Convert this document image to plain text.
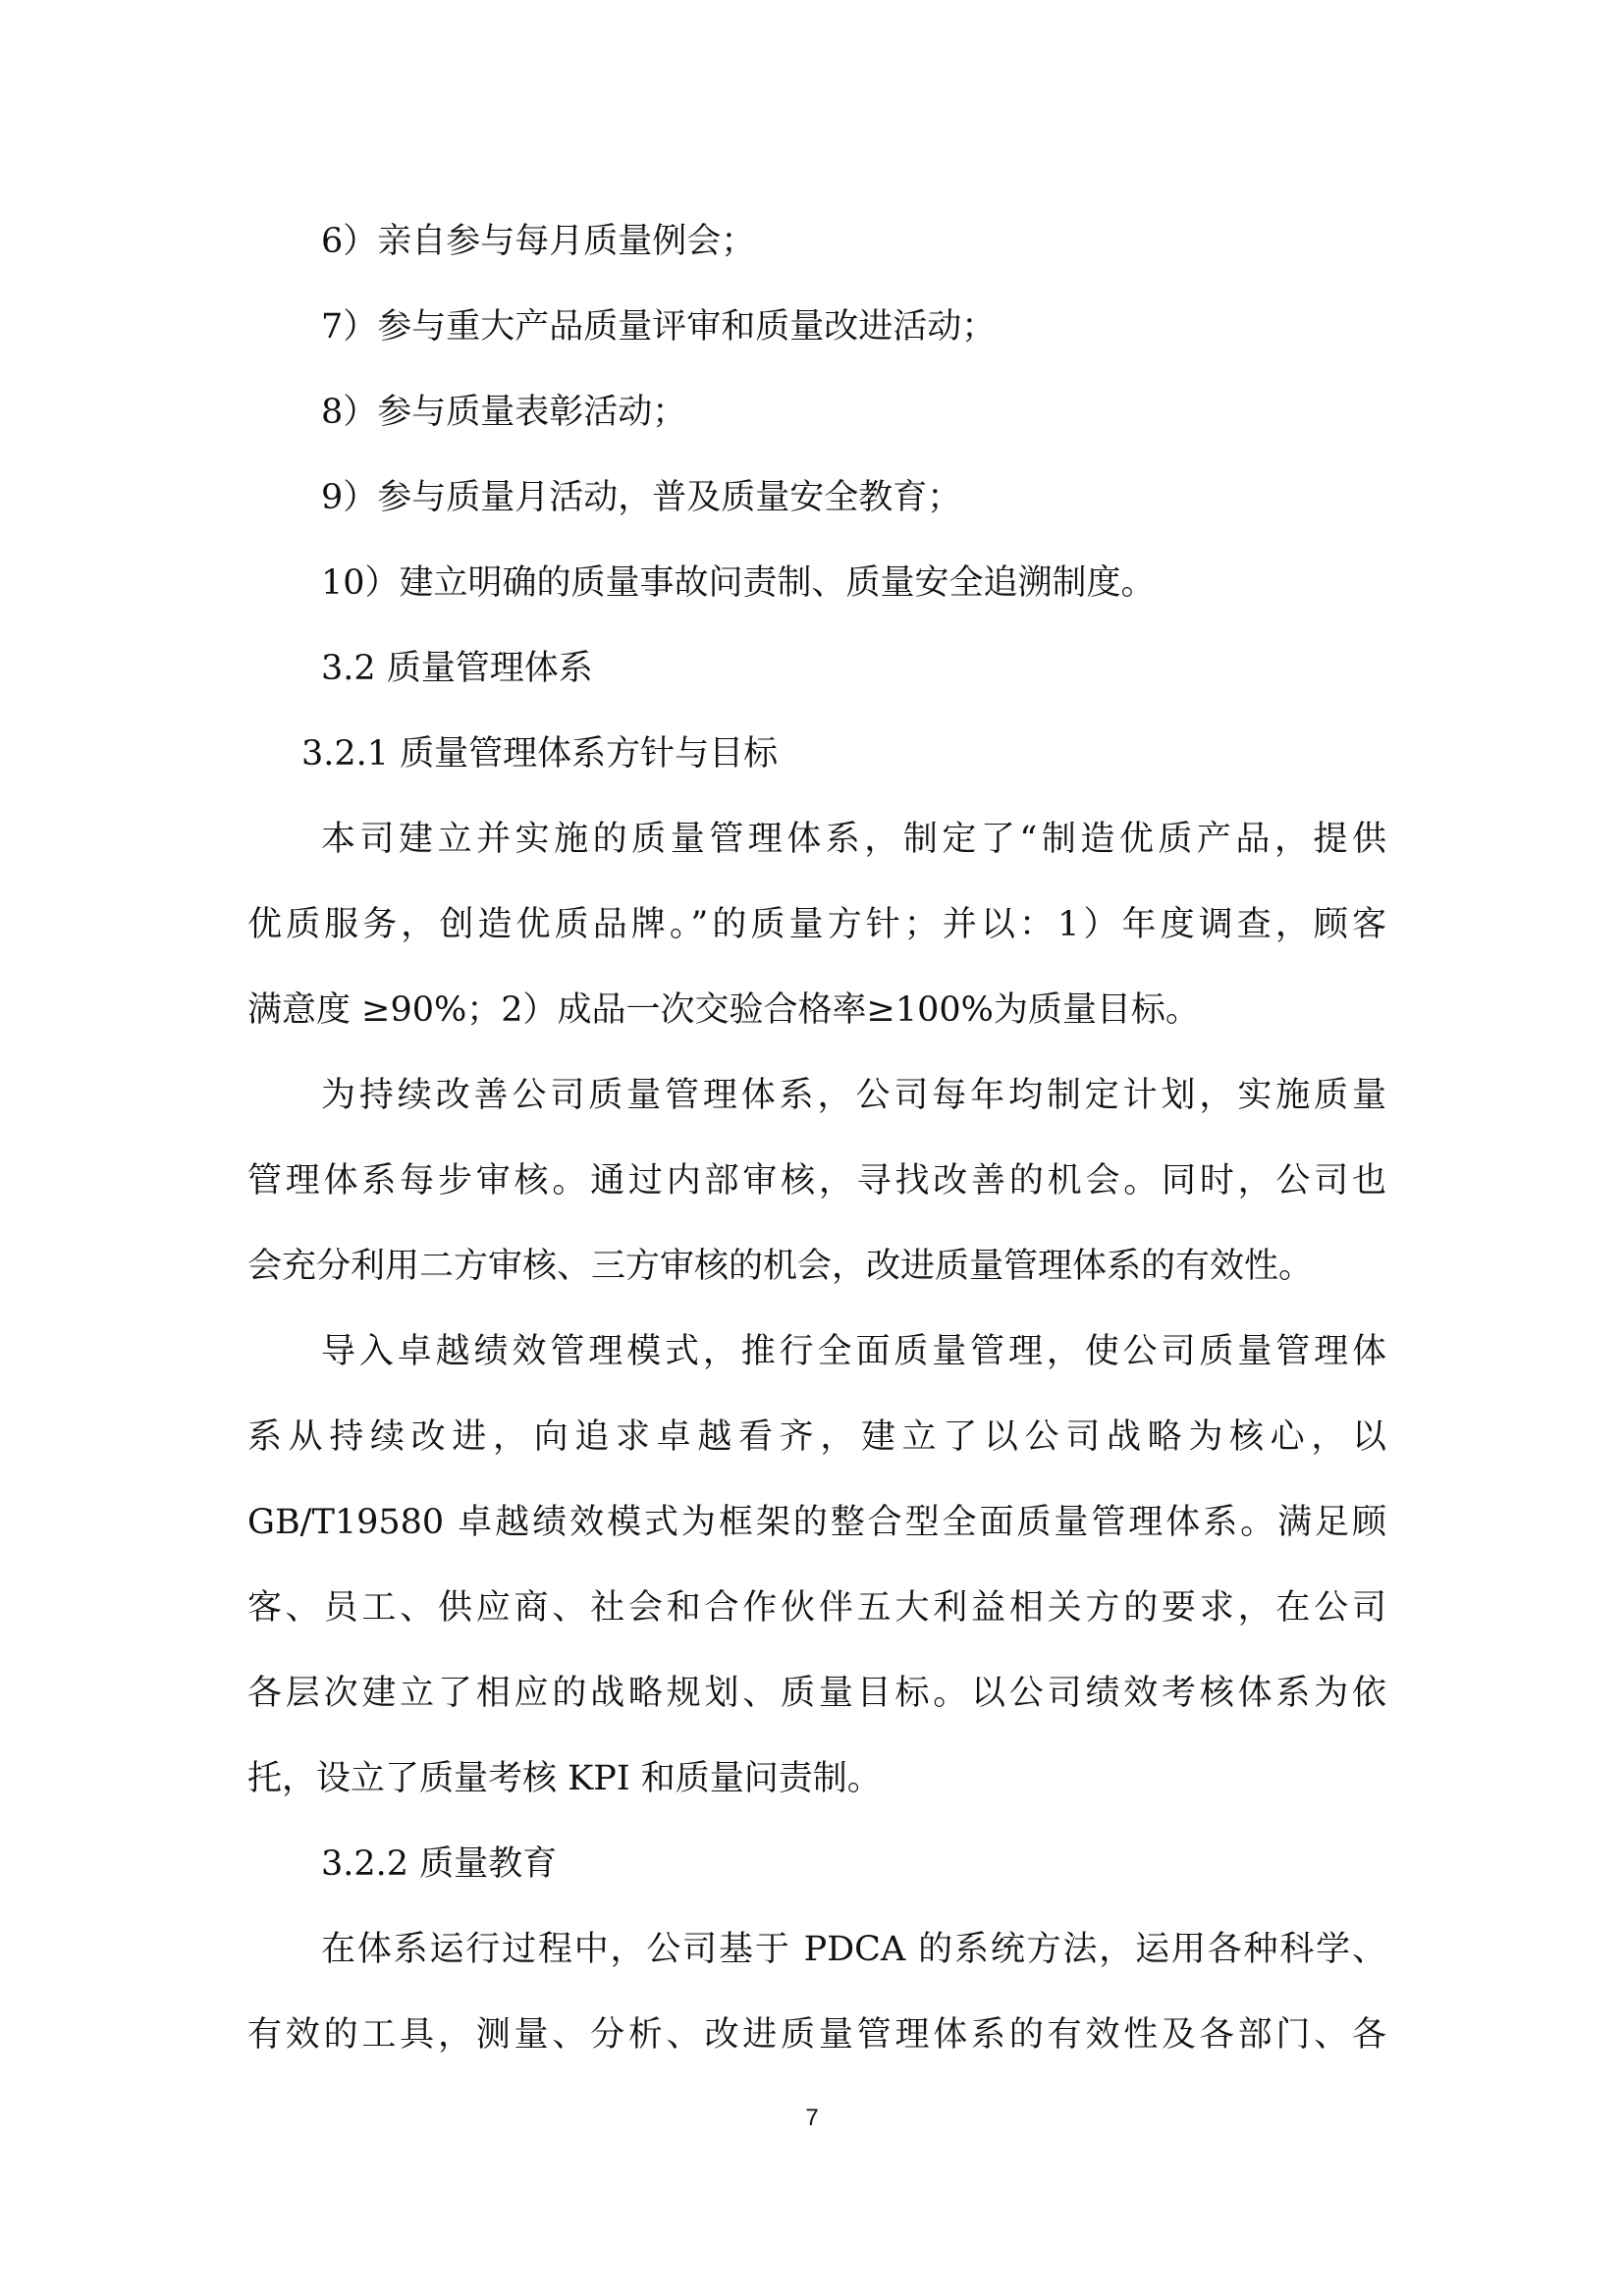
6）亲自参与每月质量例会；
7）参与重大产品质量评审和质量改进活动；
8）参与质量表彰活动；
9）参与质量月活动，普及质量安全教育；
10）建立明确的质量事故问责制、质量安全追溯制度。
3.2 质量管理体系
3.2.1 质量管理体系方针与目标
本司建立并实施的质量管理体系，制定了“制造优质产品，提供
优质服务，创造优质品牌。”的质量方针；并以：1）年度调查，顾客
满意度 ≥90%；2）成品一次交验合格率≥100%为质量目标。
为持续改善公司质量管理体系，公司每年均制定计划，实施质量
管理体系每步审核。通过内部审核，寻找改善的机会。同时，公司也
会充分利用二方审核、三方审核的机会，改进质量管理体系的有效性。
导入卓越绩效管理模式，推行全面质量管理，使公司质量管理体
系从持续改进，向追求卓越看齐，建立了以公司战略为核心，以
GB/T19580 卓越绩效模式为框架的整合型全面质量管理体系。满足顾
客、员工、供应商、社会和合作伙伴五大利益相关方的要求，在公司
各层次建立了相应的战略规划、质量目标。以公司绩效考核体系为依
托，设立了质量考核 KPI 和质量问责制。
3.2.2 质量教育
在体系运行过程中，公司基于 PDCA 的系统方法，运用各种科学、
有效的工具，测量、分析、改进质量管理体系的有效性及各部门、各
7
